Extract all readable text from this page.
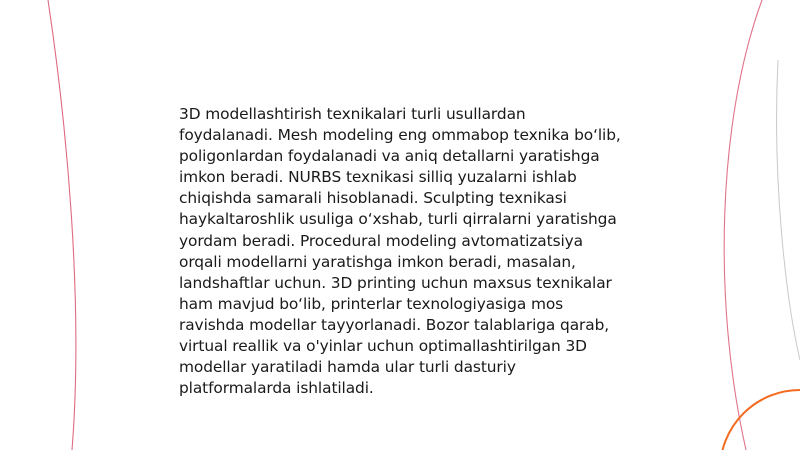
3D modellashtirish texnikalari turli usullardan foydalanadi. Mesh modeling eng ommabop texnika bo‘lib, poligonlardan foydalanadi va aniq detallarni yaratishga imkon beradi. NURBS texnikasi silliq yuzalarni ishlab chiqishda samarali hisoblanadi. Sculpting texnikasi haykaltaroshlik usuliga o‘xshab, turli qirralarni yaratishga yordam beradi. Procedural modeling avtomatizatsiya orqali modellarni yaratishga imkon beradi, masalan, landshaftlar uchun. 3D printing uchun maxsus texnikalar ham mavjud bo‘lib, printerlar texnologiyasiga mos ravishda modellar tayyorlanadi. Bozor talablariga qarab, virtual reallik va o'yinlar uchun optimallashtirilgan 3D modellar yaratiladi hamda ular turli dasturiy platformalarda ishlatiladi.
